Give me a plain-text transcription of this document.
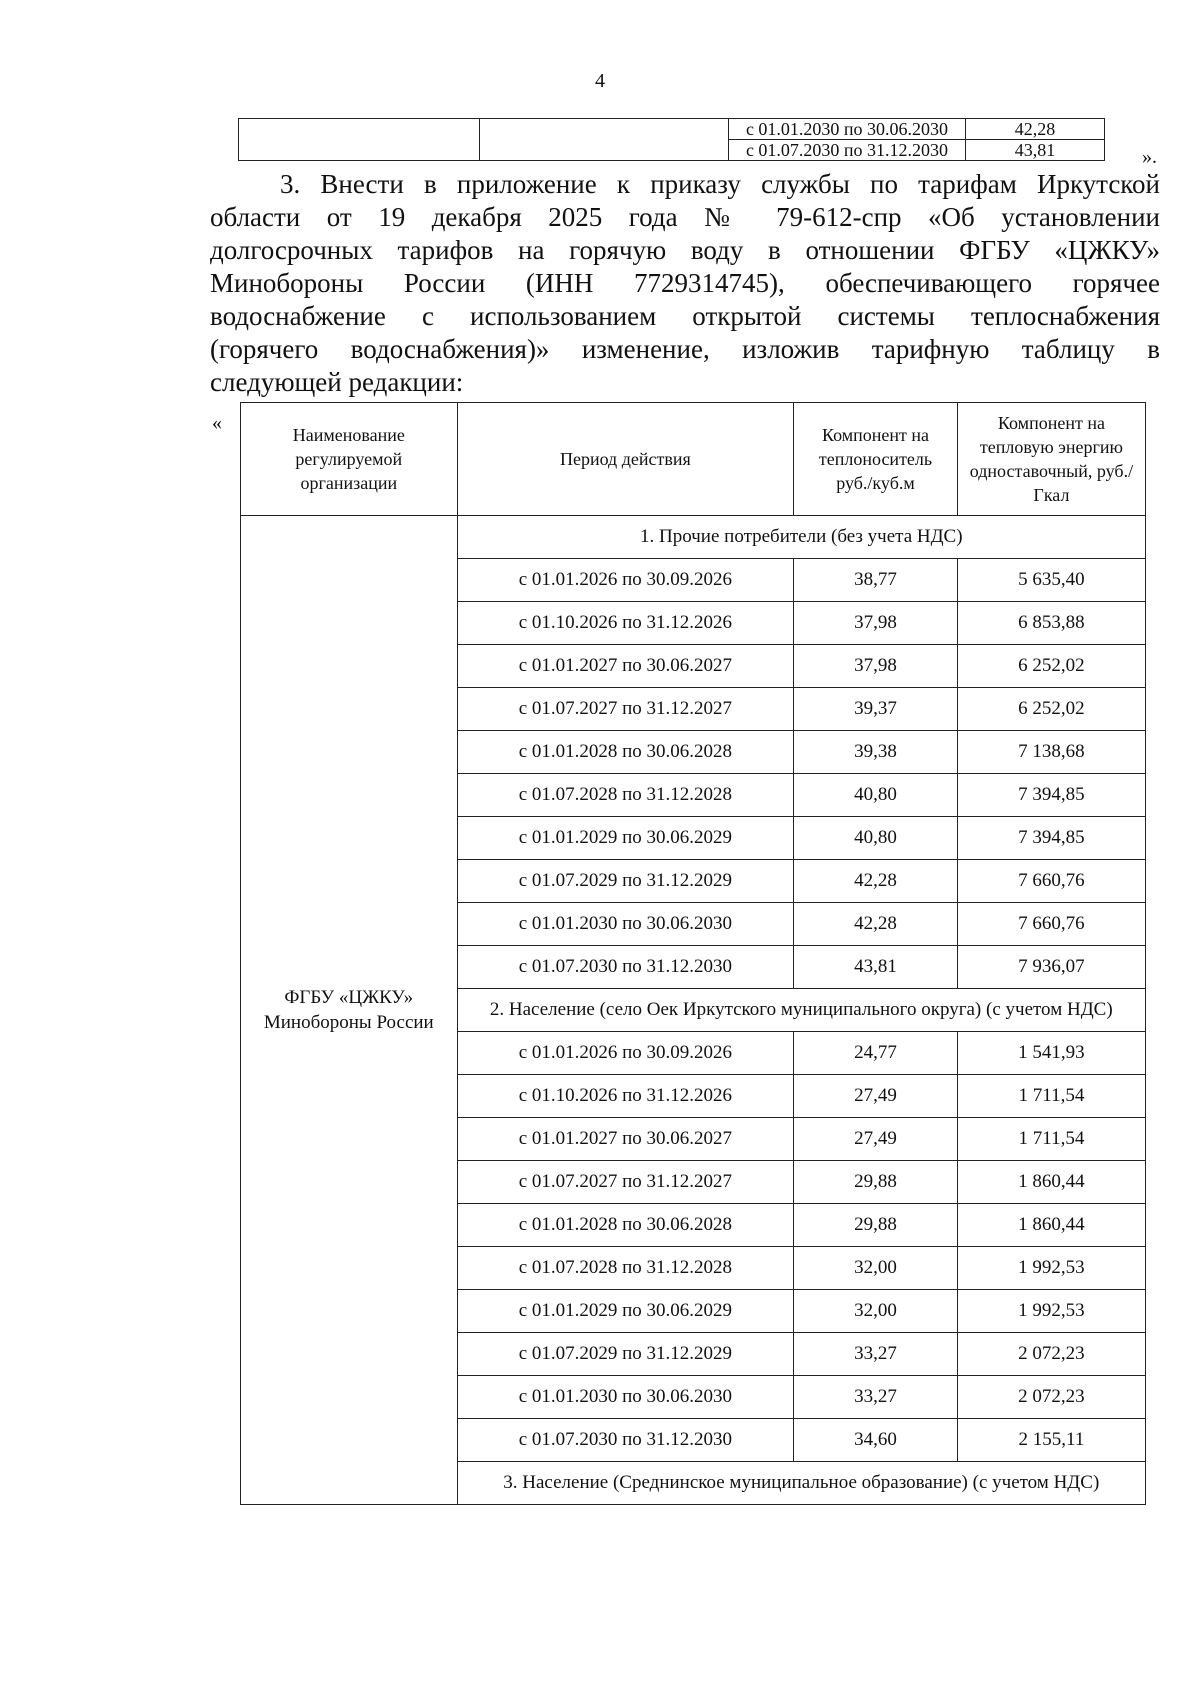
4
		с 01.01.2030 по 30.06.2030	42,28
		с 01.07.2030 по 31.12.2030	43,81	».
3. Внести в приложение к приказу службы по тарифам Иркутской
области от 19 декабря 2025 года № 79-612-спр «Об установлении
долгосрочных тарифов на горячую воду в отношении ФГБУ «ЦЖКУ»
Минобороны России (ИНН 7729314745), обеспечивающего горячее
водоснабжение с использованием открытой системы теплоснабжения
(горячего водоснабжения)» изменение, изложив тарифную таблицу в
следующей редакции:
«
Наименование регулируемой организации	Период действия	Компонент на теплоноситель руб./куб.м	Компонент на тепловую энергию одноставочный, руб./Гкал

ФГБУ «ЦЖКУ»
Минобороны России	1. Прочие потребители (без учета НДС)		
	с 01.01.2026 по 30.09.2026	38,77	5 635,40
	с 01.10.2026 по 31.12.2026	37,98	6 853,88
	с 01.01.2027 по 30.06.2027	37,98	6 252,02
	с 01.07.2027 по 31.12.2027	39,37	6 252,02
	с 01.01.2028 по 30.06.2028	39,38	7 138,68
	с 01.07.2028 по 31.12.2028	40,80	7 394,85
	с 01.01.2029 по 30.06.2029	40,80	7 394,85
	с 01.07.2029 по 31.12.2029	42,28	7 660,76
	с 01.01.2030 по 30.06.2030	42,28	7 660,76
	с 01.07.2030 по 31.12.2030	43,81	7 936,07
	2. Население (село Оек Иркутского муниципального округа) (с учетом НДС)		
	с 01.01.2026 по 30.09.2026	24,77	1 541,93
	с 01.10.2026 по 31.12.2026	27,49	1 711,54
	с 01.01.2027 по 30.06.2027	27,49	1 711,54
	с 01.07.2027 по 31.12.2027	29,88	1 860,44
	с 01.01.2028 по 30.06.2028	29,88	1 860,44
	с 01.07.2028 по 31.12.2028	32,00	1 992,53
	с 01.01.2029 по 30.06.2029	32,00	1 992,53
	с 01.07.2029 по 31.12.2029	33,27	2 072,23
	с 01.01.2030 по 30.06.2030	33,27	2 072,23
	с 01.07.2030 по 31.12.2030	34,60	2 155,11
	3. Население (Среднинское муниципальное образование) (с учетом НДС)		
